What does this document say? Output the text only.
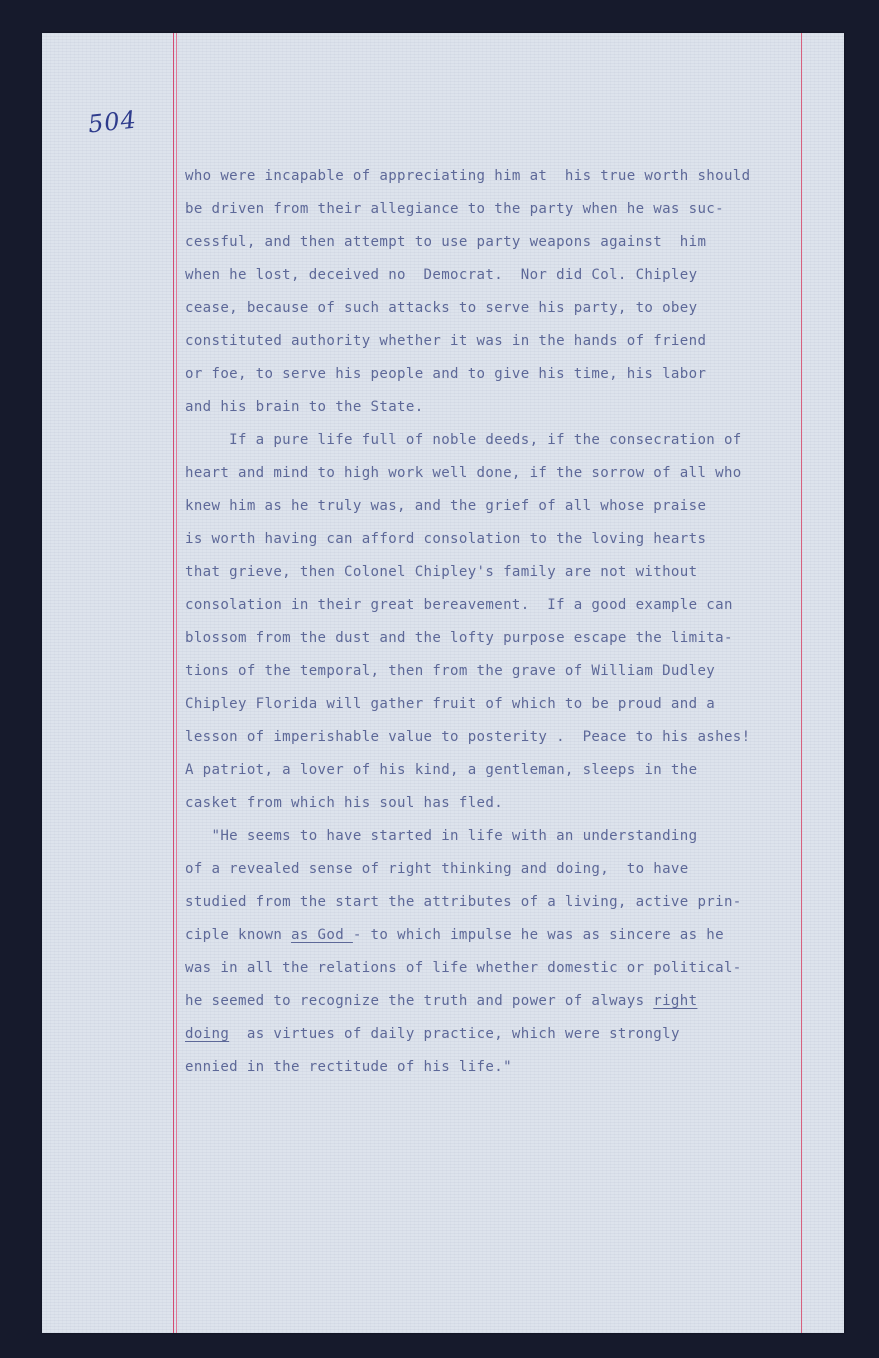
504
who were incapable of appreciating him at  his true worth should
be driven from their allegiance to the party when he was suc-
cessful, and then attempt to use party weapons against  him
when he lost, deceived no  Democrat.  Nor did Col. Chipley
cease, because of such attacks to serve his party, to obey
constituted authority whether it was in the hands of friend
or foe, to serve his people and to give his time, his labor
and his brain to the State.
If a pure life full of noble deeds, if the consecration of
heart and mind to high work well done, if the sorrow of all who
knew him as he truly was, and the grief of all whose praise
is worth having can afford consolation to the loving hearts
that grieve, then Colonel Chipley's family are not without
consolation in their great bereavement.  If a good example can
blossom from the dust and the lofty purpose escape the limita-
tions of the temporal, then from the grave of William Dudley
Chipley Florida will gather fruit of which to be proud and a
lesson of imperishable value to posterity .  Peace to his ashes!
A patriot, a lover of his kind, a gentleman, sleeps in the
casket from which his soul has fled.
"He seems to have started in life with an understanding
of a revealed sense of right thinking and doing,  to have
studied from the start the attributes of a living, active prin-
ciple known as God - to which impulse he was as sincere as he
was in all the relations of life whether domestic or political-
he seemed to recognize the truth and power of always right
doing  as virtues of daily practice, which were strongly
ennied in the rectitude of his life."
